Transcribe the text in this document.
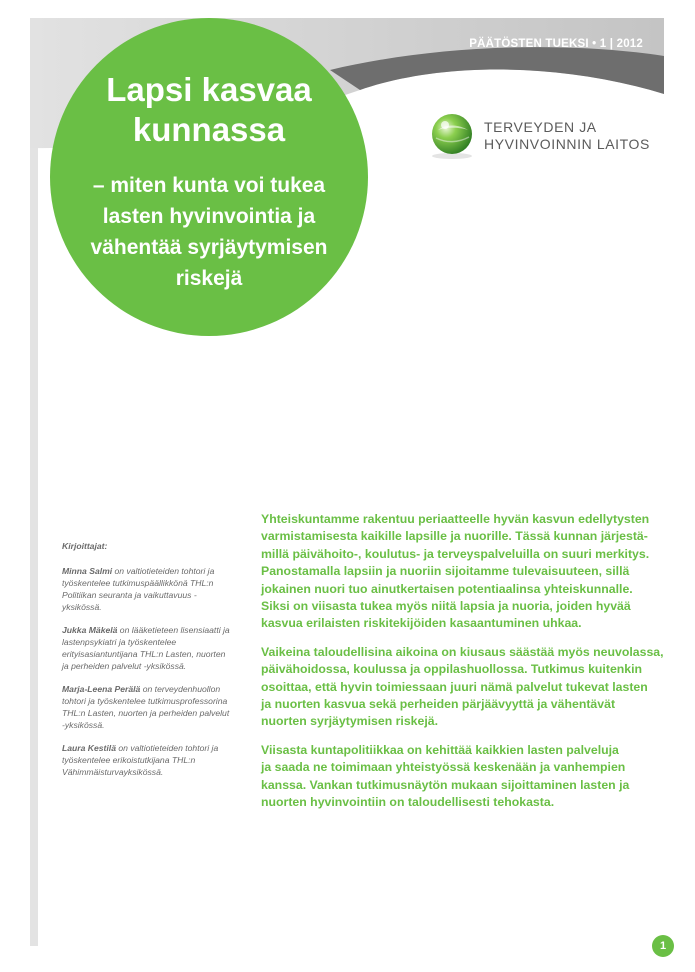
PÄÄTÖSTEN TUEKSI • 1 | 2012
Lapsi kasvaa
kunnassa
– miten kunta voi tukea
lasten hyvinvointia ja
vähentää syrjäytymisen
riskejä
TERVEYDEN JA
HYVINVOINNIN LAITOS
Kirjoittajat:

Minna Salmi on valtiotieteiden tohtori ja työskentelee tutkimuspäällikkönä THL:n Politiikan seuranta ja vaikuttavuus -yksikössä.

Jukka Mäkelä on lääketieteen lisensiaatti ja lastenpsykiatri ja työskentelee erityisasiantuntijana THL:n Lasten, nuorten ja perheiden palvelut -yksikössä.

Marja-Leena Perälä on terveydenhuollon tohtori ja työskentelee tutkimusprofessorina THL:n Lasten, nuorten ja perheiden palvelut -yksikössä.

Laura Kestilä on valtiotieteiden tohtori ja työskentelee erikoistutkijana THL:n Vähimmäisturvayksikössä.

Yhteiskuntamme rakentuu periaatteelle hyvän kasvun edellytysten
varmistamisesta kaikille lapsille ja nuorille. Tässä kunnan järjestä-
millä päivähoito-, koulutus- ja terveyspalveluilla on suuri merkitys.
Panostamalla lapsiin ja nuoriin sijoitamme tulevaisuuteen, sillä
jokainen nuori tuo ainutkertaisen potentiaalinsa yhteiskunnalle.
Siksi on viisasta tukea myös niitä lapsia ja nuoria, joiden hyvää
kasvua erilaisten riskitekijöiden kasaantuminen uhkaa.

Vaikeina taloudellisina aikoina on kiusaus säästää myös neuvolassa,
päivähoidossa, koulussa ja oppilashuollossa. Tutkimus kuitenkin
osoittaa, että hyvin toimiessaan juuri nämä palvelut tukevat lasten
ja nuorten kasvua sekä perheiden pärjäävyyttä ja vähentävät
nuorten syrjäytymisen riskejä.

Viisasta kuntapolitiikkaa on kehittää kaikkien lasten palveluja
ja saada ne toimimaan yhteistyössä keskenään ja vanhempien
kanssa. Vankan tutkimusnäytön mukaan sijoittaminen lasten ja
nuorten hyvinvointiin on taloudellisesti tehokasta.

1
